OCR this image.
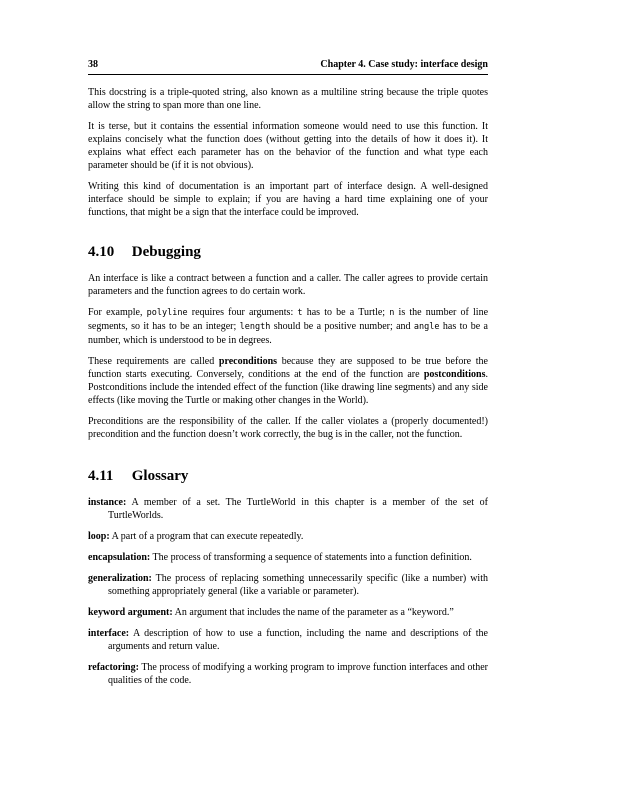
38	Chapter 4. Case study: interface design

This docstring is a triple-quoted string, also known as a multiline string because the triple quotes allow the string to span more than one line.

It is terse, but it contains the essential information someone would need to use this function. It explains concisely what the function does (without getting into the details of how it does it). It explains what effect each parameter has on the behavior of the function and what type each parameter should be (if it is not obvious).

Writing this kind of documentation is an important part of interface design. A well-designed interface should be simple to explain; if you are having a hard time explaining one of your functions, that might be a sign that the interface could be improved.

4.10 Debugging

An interface is like a contract between a function and a caller. The caller agrees to provide certain parameters and the function agrees to do certain work.

For example, polyline requires four arguments: t has to be a Turtle; n is the number of line segments, so it has to be an integer; length should be a positive number; and angle has to be a number, which is understood to be in degrees.

These requirements are called preconditions because they are supposed to be true before the function starts executing. Conversely, conditions at the end of the function are postconditions. Postconditions include the intended effect of the function (like drawing line segments) and any side effects (like moving the Turtle or making other changes in the World).

Preconditions are the responsibility of the caller. If the caller violates a (properly documented!) precondition and the function doesn’t work correctly, the bug is in the caller, not the function.

4.11 Glossary
instance: A member of a set. The TurtleWorld in this chapter is a member of the set of TurtleWorlds.
loop: A part of a program that can execute repeatedly.
encapsulation: The process of transforming a sequence of statements into a function definition.
generalization: The process of replacing something unnecessarily specific (like a number) with something appropriately general (like a variable or parameter).
keyword argument: An argument that includes the name of the parameter as a “keyword.”
interface: A description of how to use a function, including the name and descriptions of the arguments and return value.
refactoring: The process of modifying a working program to improve function interfaces and other qualities of the code.
